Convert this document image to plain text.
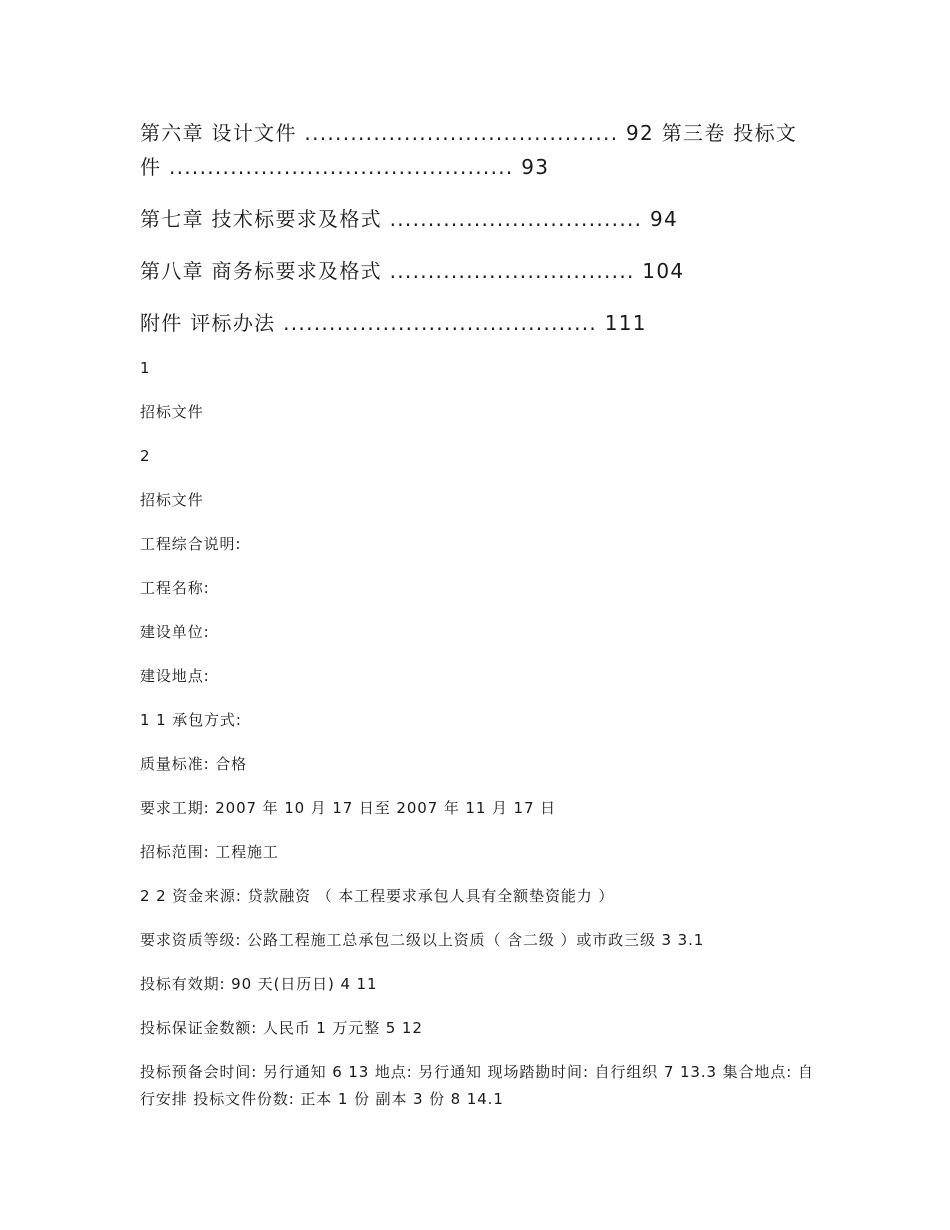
第六章 设计文件 ......................................... 92 第三卷 投标文

件 ............................................. 93

第七章 技术标要求及格式 ................................. 94

第八章 商务标要求及格式 ................................ 104

附件 评标办法 ......................................... 111

1

招标文件

2

招标文件

工程综合说明:

工程名称:

建设单位:

建设地点:

1 1 承包方式:

质量标准: 合格

要求工期: 2007 年 10 月 17 日至 2007 年 11 月 17 日

招标范围: 工程施工

2 2 资金来源: 贷款融资 （ 本工程要求承包人具有全额垫资能力 ）

要求资质等级: 公路工程施工总承包二级以上资质（ 含二级 ）或市政三级 3 3.1

投标有效期: 90 天(日历日) 4 11

投标保证金数额: 人民币 1 万元整 5 12

投标预备会时间: 另行通知 6 13 地点: 另行通知 现场踏勘时间: 自行组织 7 13.3 集合地点: 自行安排 投标文件份数: 正本 1 份 副本 3 份 8 14.1
